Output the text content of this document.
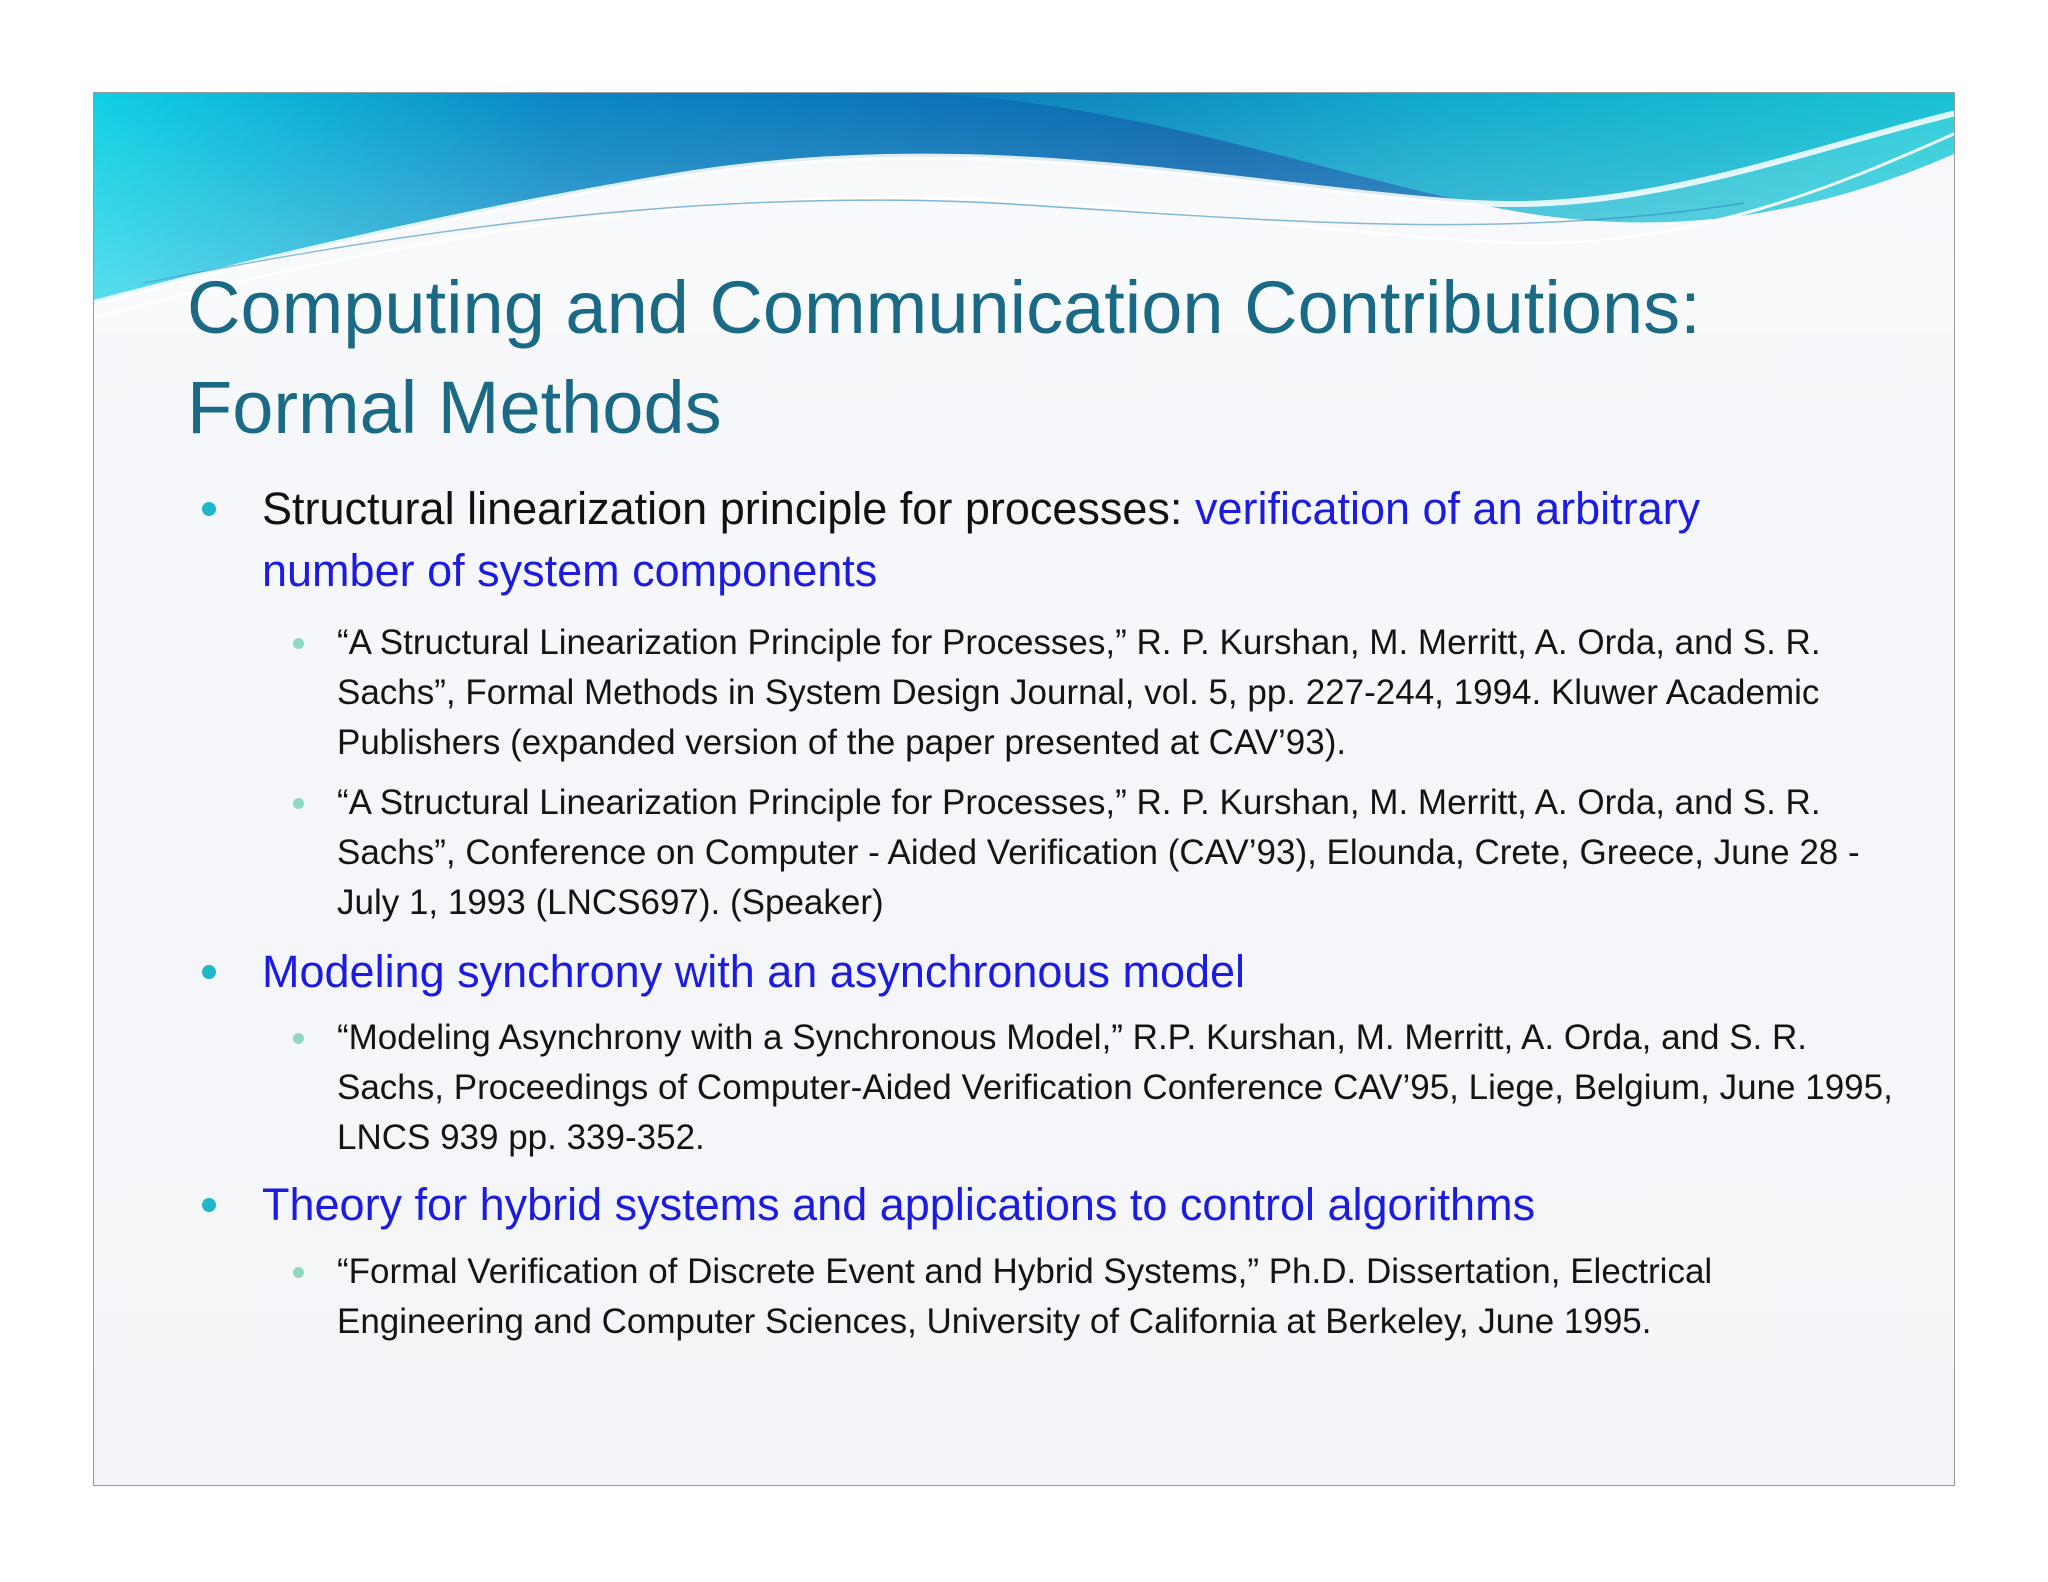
Computing and Communication Contributions:
Formal Methods
Structural linearization principle for processes: verification of an arbitrary number of system components
“A Structural Linearization Principle for Processes,” R. P. Kurshan, M. Merritt, A. Orda, and S. R. Sachs”, Formal Methods in System Design Journal, vol. 5, pp. 227-244, 1994. Kluwer Academic Publishers (expanded version of the paper presented at CAV’93).
“A Structural Linearization Principle for Processes,” R. P. Kurshan, M. Merritt, A. Orda, and S. R. Sachs”, Conference on Computer - Aided Verification (CAV’93), Elounda, Crete, Greece, June 28 - July 1, 1993 (LNCS697). (Speaker)
Modeling synchrony with an asynchronous model
“Modeling Asynchrony with a Synchronous Model,” R.P. Kurshan, M. Merritt, A. Orda, and S. R. Sachs, Proceedings of Computer-Aided Verification Conference CAV’95, Liege, Belgium, June 1995, LNCS 939 pp. 339-352.
Theory for hybrid systems and applications to control algorithms
“Formal Verification of Discrete Event and Hybrid Systems,” Ph.D. Dissertation, Electrical Engineering and Computer Sciences, University of California at Berkeley, June 1995.
